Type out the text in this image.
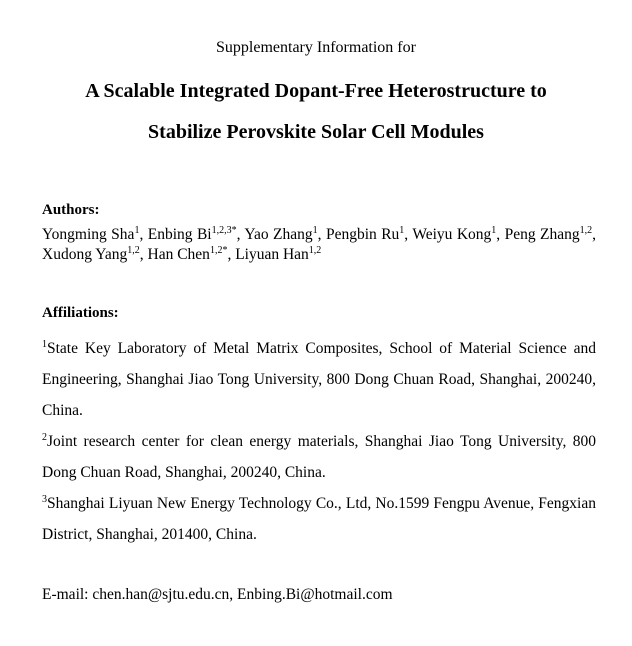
Supplementary Information for
A Scalable Integrated Dopant-Free Heterostructure to
Stabilize Perovskite Solar Cell Modules
Authors:
Yongming Sha$^1$, Enbing $Bi^{1,2,3*}$, Yao Zhang$^1$, Pengbin Ru$^1$, Weiyu Kong$^1$, Peng Zhang$^{1,2}$, Xudong Yang$^{1,2}$, Han Chen$^{1,2*}$, Liyuan Han$^{1,2}$
Affiliations:

$^1$State Key Laboratory of Metal Matrix Composites, School of Material Science and Engineering, Shanghai Jiao Tong University, 800 Dong Chuan Road, Shanghai, 200240, China.

$^2$Joint research center for clean energy materials, Shanghai Jiao Tong University, 800 Dong Chuan Road, Shanghai, 200240, China.

$^3$Shanghai Liyuan New Energy Technology Co., Ltd, No.1599 Fengpu Avenue, Fengxian District, Shanghai, 201400, China.

E-mail: chen.han@sjtu.edu.cn, Enbing.Bi@hotmail.com
